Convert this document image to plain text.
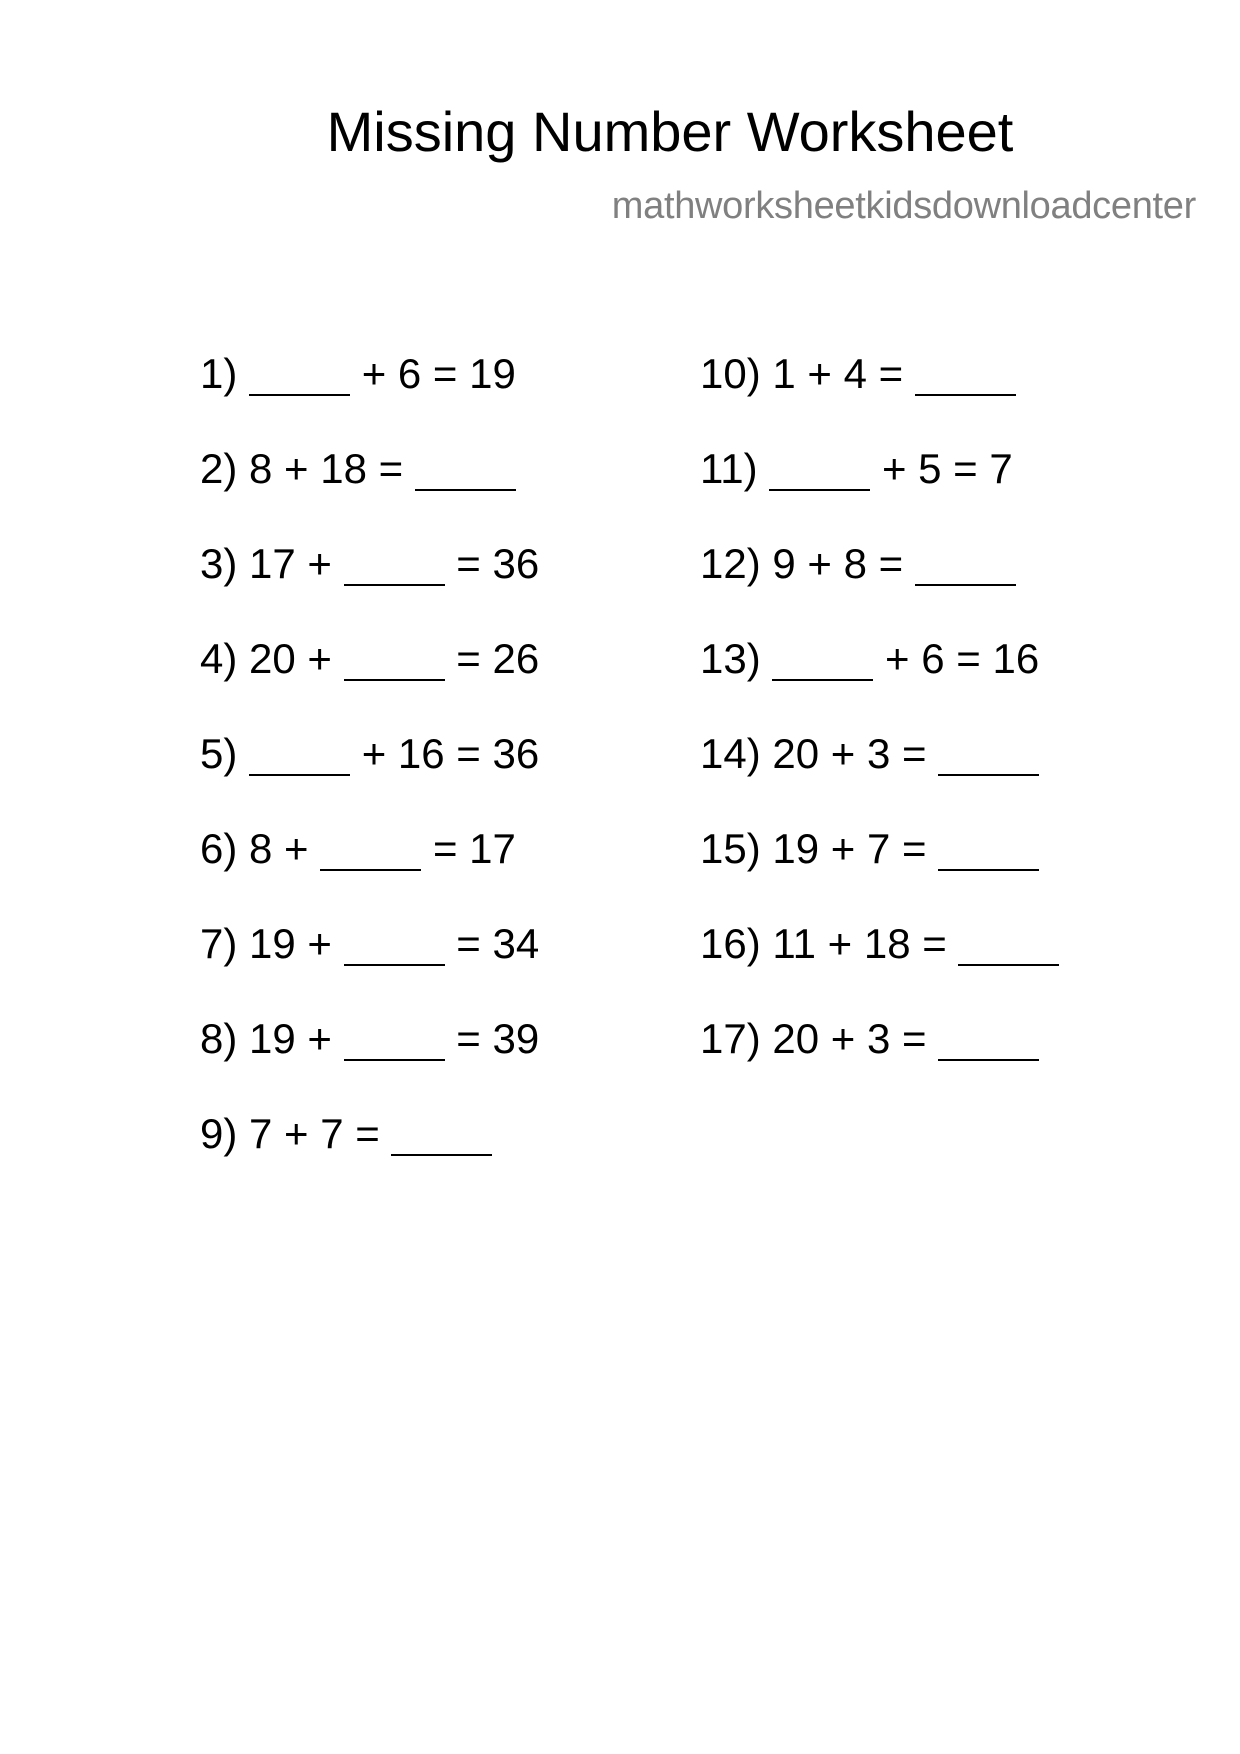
Missing Number Worksheet
mathworksheetkidsdownloadcenter
1)	+ 6 = 19
2) 8 + 18 =
3) 17 +	= 36
4) 20 +	= 26
5)	+ 16 = 36
6) 8 +	= 17
7) 19 +	= 34
8) 19 +	= 39
9) 7 + 7 =
10) 1 + 4 =
11)	+ 5 = 7
12) 9 + 8 =
13)	+ 6 = 16
14) 20 + 3 =
15) 19 + 7 =
16) 11 + 18 =
17) 20 + 3 =
